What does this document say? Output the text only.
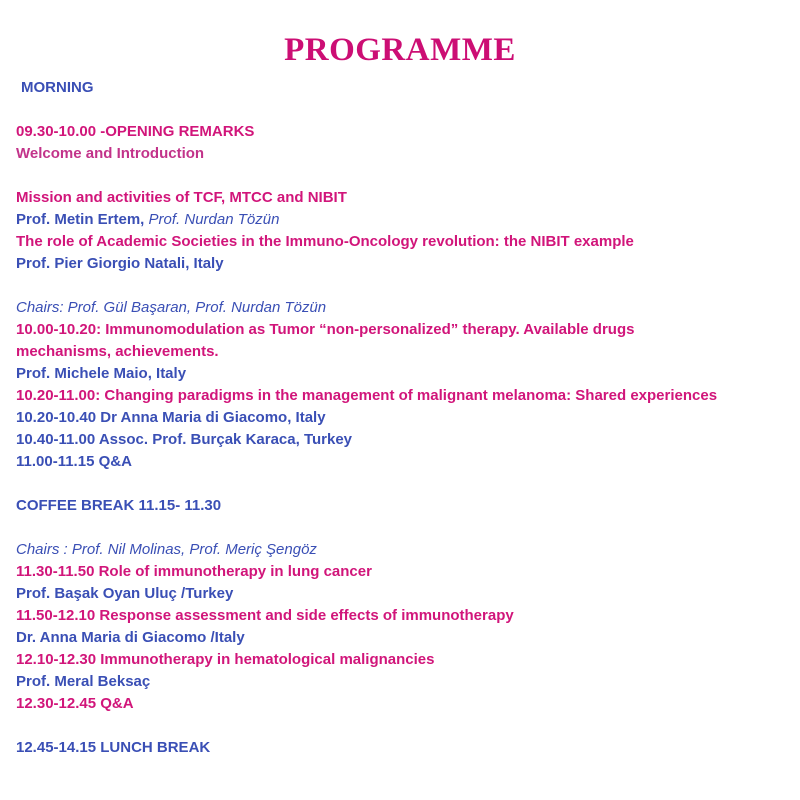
PROGRAMME

MORNING

09.30-10.00 -OPENING REMARKS

Welcome and Introduction

Mission and activities of TCF, MTCC and NIBIT

Prof. Metin Ertem, Prof. Nurdan Tözün

The role of Academic Societies in the Immuno-Oncology revolution: the NIBIT example

Prof. Pier Giorgio Natali, Italy

Chairs: Prof. Gül Başaran, Prof. Nurdan Tözün

10.00-10.20: Immunomodulation as Tumor “non-personalized” therapy. Available drugs

mechanisms, achievements.

Prof. Michele Maio, Italy

10.20-11.00: Changing paradigms in the management of malignant melanoma: Shared experiences

10.20-10.40 Dr Anna Maria di Giacomo, Italy

10.40-11.00 Assoc. Prof. Burçak Karaca, Turkey

11.00-11.15 Q&A

COFFEE BREAK 11.15- 11.30

Chairs : Prof. Nil Molinas, Prof. Meriç Şengöz

11.30-11.50 Role of immunotherapy in lung cancer

Prof. Başak Oyan Uluç /Turkey

11.50-12.10 Response assessment and side effects of immunotherapy

Dr. Anna Maria di Giacomo /Italy

12.10-12.30 Immunotherapy in hematological malignancies

Prof. Meral Beksaç

12.30-12.45 Q&A

12.45-14.15 LUNCH BREAK
